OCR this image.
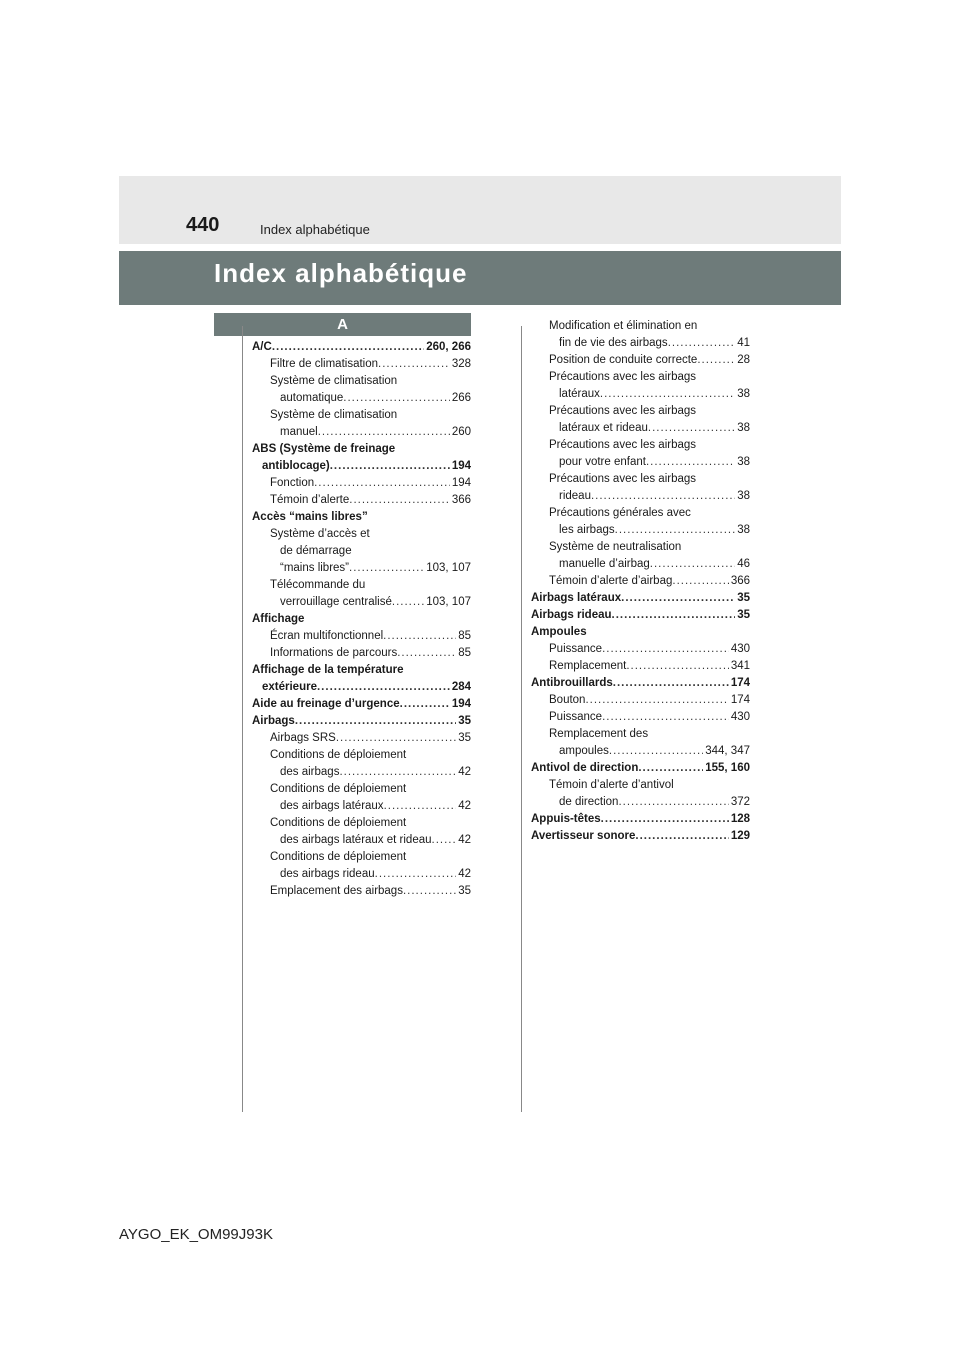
440	Index alphabétique
Index alphabétique
A
A/C .....	260, 266
Filtre de climatisation .....	328
Système de climatisation
automatique .....	266
Système de climatisation
manuel .....	260
ABS (Système de freinage
antiblocage) .....	194
Fonction .....	194
Témoin d’alerte .....	366
Accès “mains libres”
Système d’accès et
de démarrage
“mains libres” .....	103, 107
Télécommande du
verrouillage centralisé .....	103, 107
Affichage
Écran multifonctionnel .....	85
Informations de parcours .....	85
Affichage de la température
extérieure .....	284
Aide au freinage d’urgence .....	194
Airbags .....	35
Airbags SRS .....	35
Conditions de déploiement
des airbags .....	42
Conditions de déploiement
des airbags latéraux .....	42
Conditions de déploiement
des airbags latéraux et rideau ..... 42
Conditions de déploiement
des airbags rideau .....	42
Emplacement des airbags .....	35
Modification et élimination en
fin de vie des airbags .....	41
Position de conduite correcte .....	28
Précautions avec les airbags
latéraux .....	38
Précautions avec les airbags
latéraux et rideau .....	38
Précautions avec les airbags
pour votre enfant .....	38
Précautions avec les airbags
rideau .....	38
Précautions générales avec
les airbags .....	38
Système de neutralisation
manuelle d’airbag .....	46
Témoin d’alerte d’airbag .....	366
Airbags latéraux .....	35
Airbags rideau .....	35
Ampoules
Puissance .....	430
Remplacement .....	341
Antibrouillards .....	174
Bouton .....	174
Puissance .....	430
Remplacement des
ampoules .....	344, 347
Antivol de direction .....	155, 160
Témoin d’alerte d’antivol
de direction .....	372
Appuis-têtes .....	128
Avertisseur sonore .....	129
AYGO_EK_OM99J93K
